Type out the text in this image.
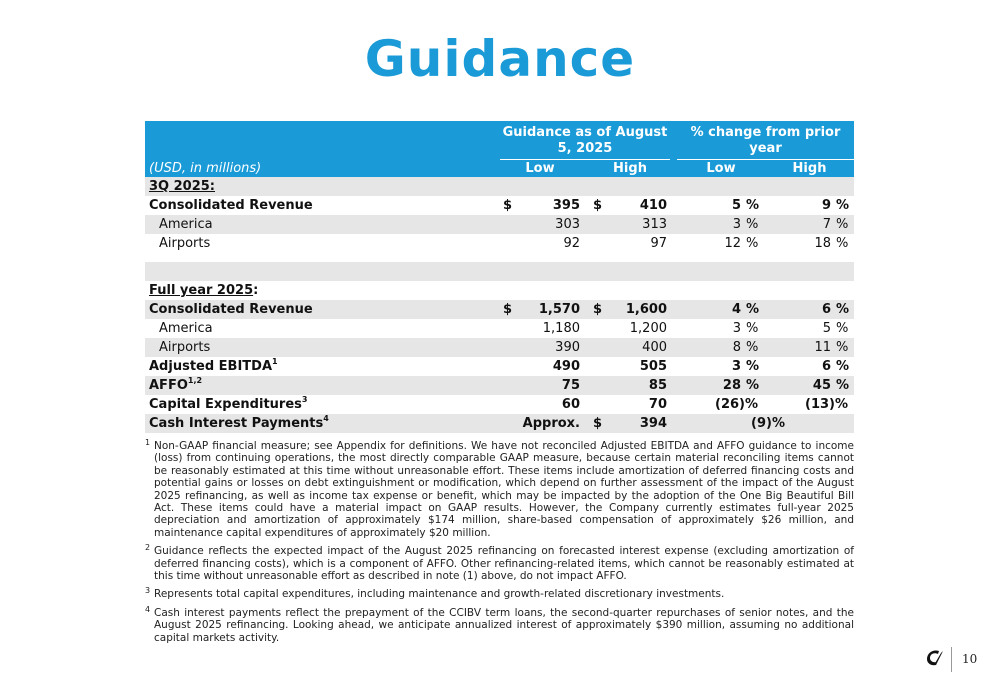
Guidance
Guidance as of August 5, 2025
% change from prior year
(USD, in millions)	Low	High	Low	High
3Q 2025:
Consolidated Revenue	$	395 $	410	5 %	9 %
America	303	313	3 %	7 %
Airports	92	97	12 %	18 %
Full year 2025:
Consolidated Revenue	$	1,570 $	1,600	4 %	6 %
America	1,180	1,200	3 %	5 %
Airports	390	400	8 %	11 %
Adjusted EBITDA$^1$	490	505	3 %	6 %
AFFO$^{1,2}$	75	85	28 %	45 %
Capital Expenditures$^3$	60	70	(26)%	(13)%
Cash Interest Payments$^4$	Approx. $	394	(9)%
1 Non-GAAP financial measure; see Appendix for definitions. We have not reconciled Adjusted EBITDA and AFFO guidance to income (loss) from continuing operations, the most directly comparable GAAP measure, because certain material reconciling items cannot be reasonably estimated at this time without unreasonable effort. These items include amortization of deferred financing costs and potential gains or losses on debt extinguishment or modification, which depend on further assessment of the impact of the August 2025 refinancing, as well as income tax expense or benefit, which may be impacted by the adoption of the One Big Beautiful Bill Act. These items could have a material impact on GAAP results. However, the Company currently estimates full-year 2025 depreciation and amortization of approximately $174 million, share-based compensation of approximately $26 million, and maintenance capital expenditures of approximately $20 million.
2 Guidance reflects the expected impact of the August 2025 refinancing on forecasted interest expense (excluding amortization of deferred financing costs), which is a component of AFFO. Other refinancing-related items, which cannot be reasonably estimated at this time without unreasonable effort as described in note (1) above, do not impact AFFO.
3 Represents total capital expenditures, including maintenance and growth-related discretionary investments.
4 Cash interest payments reflect the prepayment of the CCIBV term loans, the second-quarter repurchases of senior notes, and the August 2025 refinancing. Looking ahead, we anticipate annualized interest of approximately $390 million, assuming no additional capital markets activity.
10
